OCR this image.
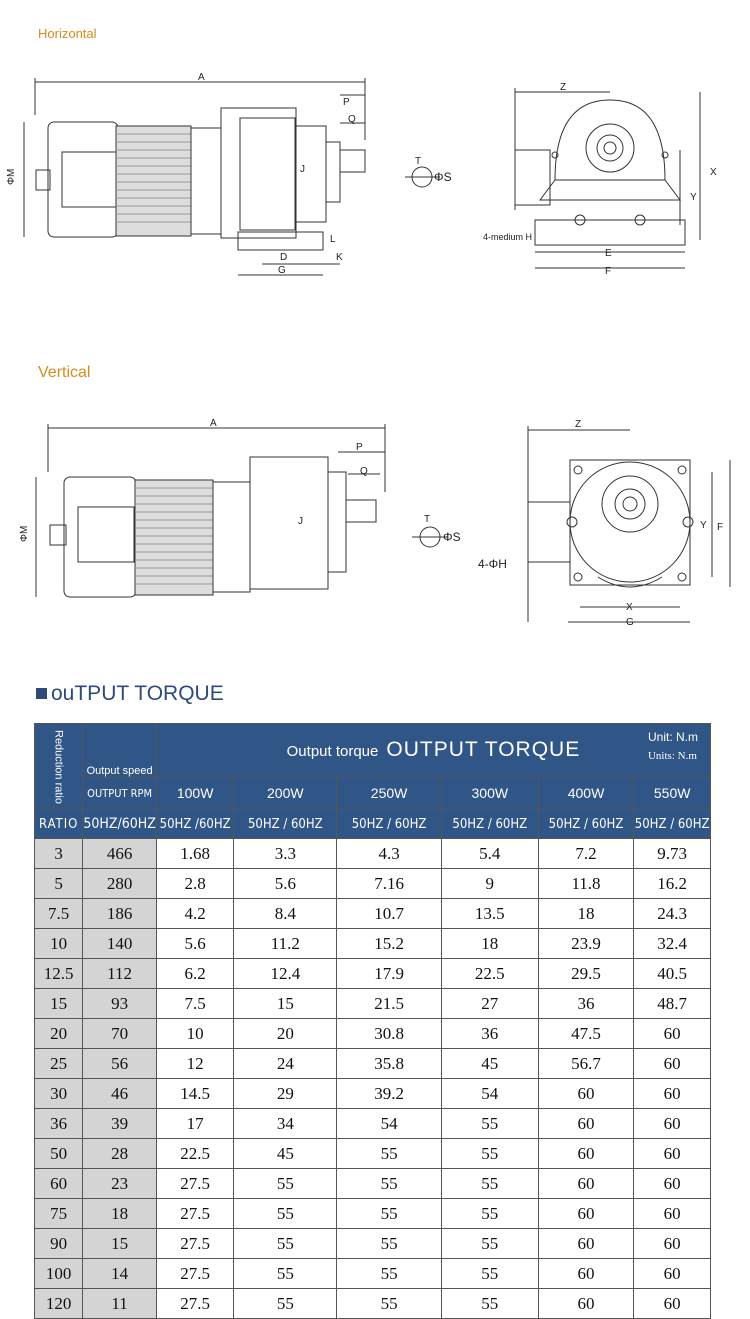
Horizontal
A
P
Q
J
D
G
K
L
ΦM
T
ΦS
Z
X
Y
E
F
4-medium H
Vertical
A
P
Q
J
ΦM
T
ΦS
Z
Y F
X
G
4-ΦH
ouTPUT TORQUE
Reduction ratio	Output speed	Output torque OUTPUT TORQUE
Unit: N.m
Units: N.m					

	OUTPUT RPM	100W	200W	250W	300W	400W	550W
RATIO	50HZ/60HZ	50HZ /60HZ	50HZ / 60HZ	50HZ / 60HZ	50HZ / 60HZ	50HZ / 60HZ	50HZ / 60HZ
3	466	1.68	3.3	4.3	5.4	7.2	9.73
5	280	2.8	5.6	7.16	9	11.8	16.2
7.5	186	4.2	8.4	10.7	13.5	18	24.3
10	140	5.6	11.2	15.2	18	23.9	32.4
12.5	112	6.2	12.4	17.9	22.5	29.5	40.5
15	93	7.5	15	21.5	27	36	48.7
20	70	10	20	30.8	36	47.5	60
25	56	12	24	35.8	45	56.7	60
30	46	14.5	29	39.2	54	60	60
36	39	17	34	54	55	60	60
50	28	22.5	45	55	55	60	60
60	23	27.5	55	55	55	60	60
75	18	27.5	55	55	55	60	60
90	15	27.5	55	55	55	60	60
100	14	27.5	55	55	55	60	60
120	11	27.5	55	55	55	60	60
